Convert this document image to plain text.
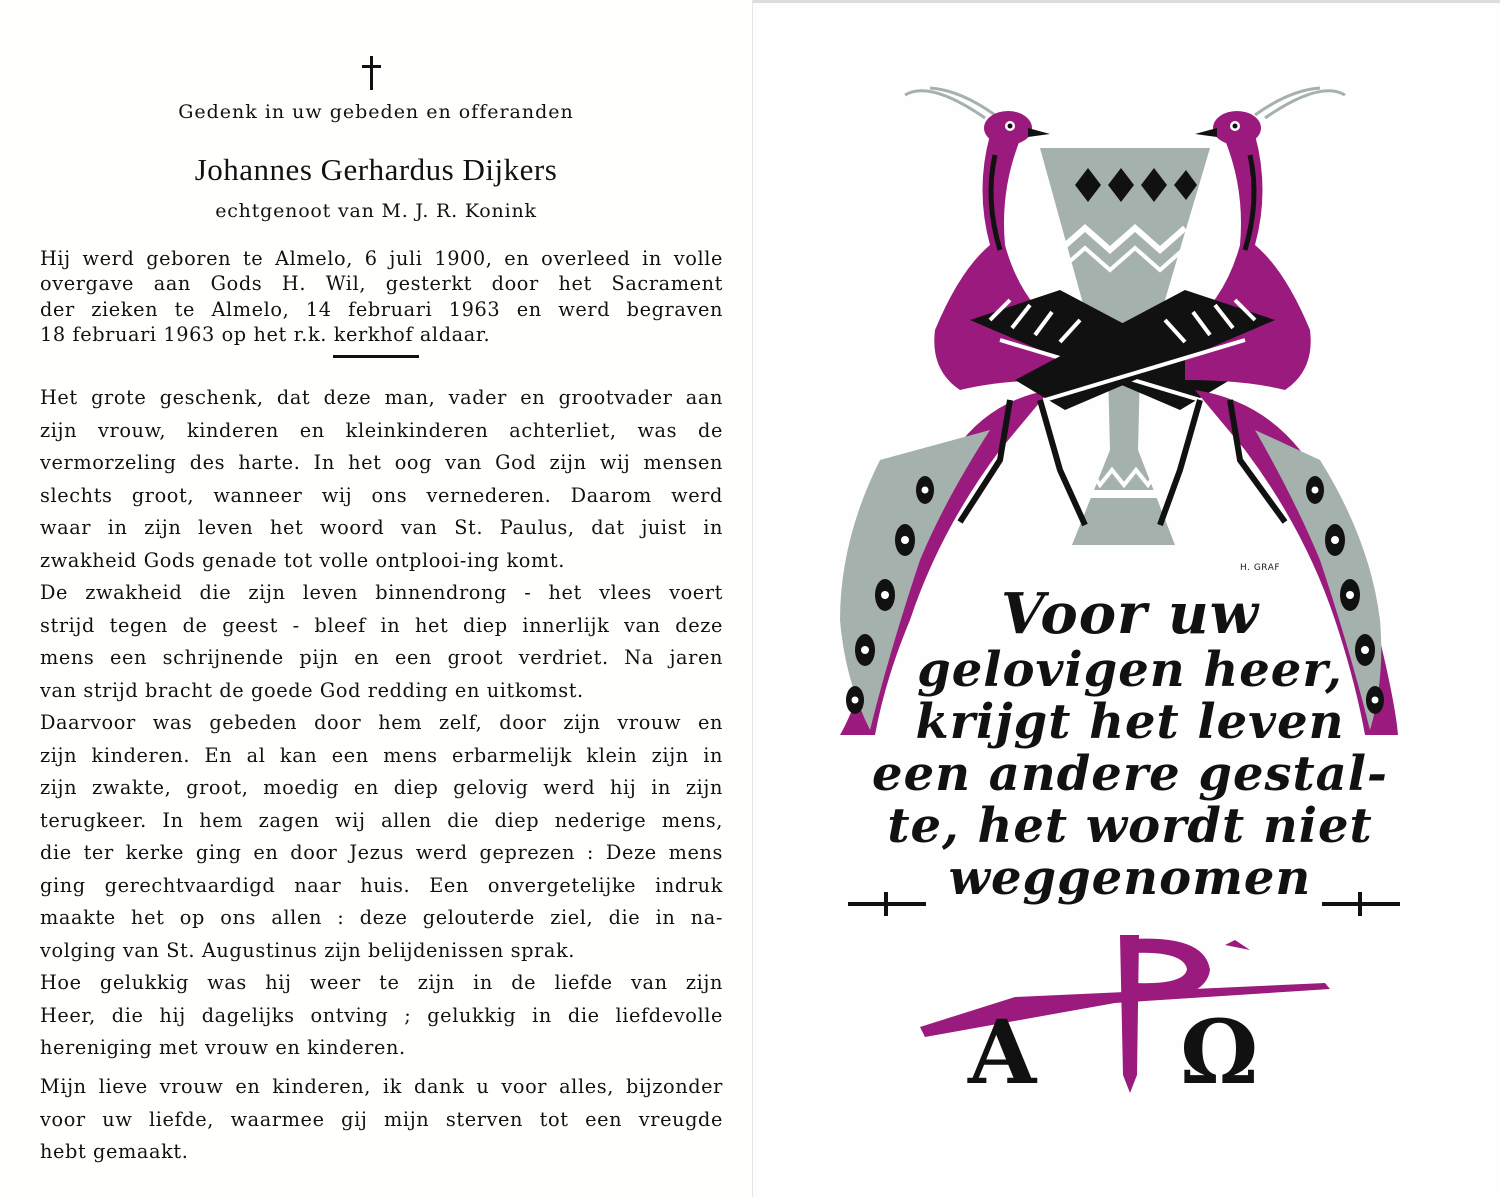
Gedenk in uw gebeden en offeranden
Johannes Gerhardus Dijkers
echtgenoot van M. J. R. Konink
Hij werd geboren te Almelo, 6 juli 1900, en overleed in volle
overgave aan Gods H. Wil, gesterkt door het Sacrament
der zieken te Almelo, 14 februari 1963 en werd begraven
18 februari 1963 op het r.k. kerkhof aldaar.
Het grote geschenk, dat deze man, vader en grootvader aan
zijn vrouw, kinderen en kleinkinderen achterliet, was de
vermorzeling des harte. In het oog van God zijn wij mensen
slechts groot, wanneer wij ons vernederen. Daarom werd
waar in zijn leven het woord van St. Paulus, dat juist in
zwakheid Gods genade tot volle ontplooi-ing komt.
De zwakheid die zijn leven binnendrong - het vlees voert
strijd tegen de geest - bleef in het diep innerlijk van deze
mens een schrijnende pijn en een groot verdriet. Na jaren
van strijd bracht de goede God redding en uitkomst.
Daarvoor was gebeden door hem zelf, door zijn vrouw en
zijn kinderen. En al kan een mens erbarmelijk klein zijn in
zijn zwakte, groot, moedig en diep gelovig werd hij in zijn
terugkeer. In hem zagen wij allen die diep nederige mens,
die ter kerke ging en door Jezus werd geprezen : Deze mens
ging gerechtvaardigd naar huis. Een onvergetelijke indruk
maakte het op ons allen : deze gelouterde ziel, die in na-
volging van St. Augustinus zijn belijdenissen sprak.
Hoe gelukkig was hij weer te zijn in de liefde van zijn
Heer, die hij dagelijks ontving ; gelukkig in die liefdevolle
hereniging met vrouw en kinderen.
Mijn lieve vrouw en kinderen, ik dank u voor alles, bijzonder
voor uw liefde, waarmee gij mijn sterven tot een vreugde
hebt gemaakt.
H. GRAF
Voor uw
gelovigen heer,
krijgt het leven
een andere gestal-
te, het wordt niet
weggenomen
A Ω
